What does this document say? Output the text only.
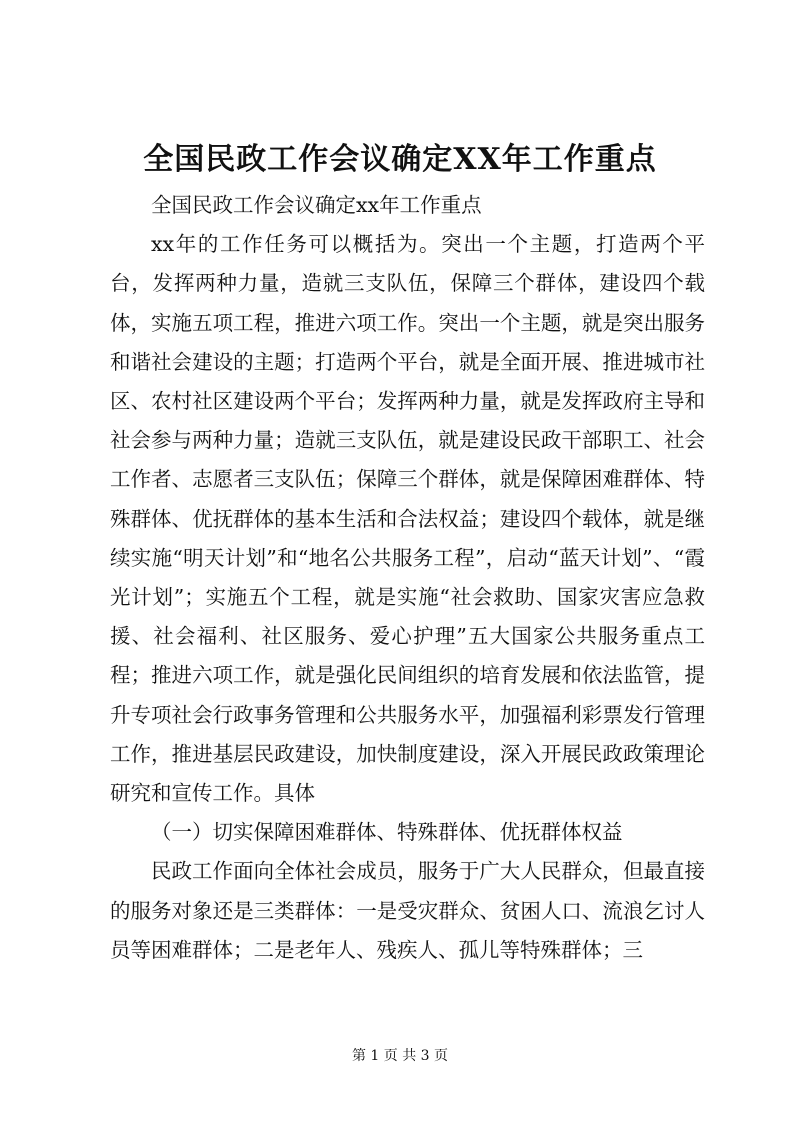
全国民政工作会议确定XX年工作重点

全国民政工作会议确定xx年工作重点

xx年的工作任务可以概括为。突出一个主题，打造两个平台，发挥两种力量，造就三支队伍，保障三个群体，建设四个载体，实施五项工程，推进六项工作。突出一个主题，就是突出服务和谐社会建设的主题；打造两个平台，就是全面开展、推进城市社区、农村社区建设两个平台；发挥两种力量，就是发挥政府主导和社会参与两种力量；造就三支队伍，就是建设民政干部职工、社会工作者、志愿者三支队伍；保障三个群体，就是保障困难群体、特殊群体、优抚群体的基本生活和合法权益；建设四个载体，就是继续实施“明天计划”和“地名公共服务工程”，启动“蓝天计划”、“霞光计划”；实施五个工程，就是实施“社会救助、国家灾害应急救援、社会福利、社区服务、爱心护理”五大国家公共服务重点工程；推进六项工作，就是强化民间组织的培育发展和依法监管，提升专项社会行政事务管理和公共服务水平，加强福利彩票发行管理工作，推进基层民政建设，加快制度建设，深入开展民政政策理论研究和宣传工作。具体

（一）切实保障困难群体、特殊群体、优抚群体权益

民政工作面向全体社会成员，服务于广大人民群众，但最直接的服务对象还是三类群体：一是受灾群众、贫困人口、流浪乞讨人员等困难群体；二是老年人、残疾人、孤儿等特殊群体；三

第 1 页 共 3 页
